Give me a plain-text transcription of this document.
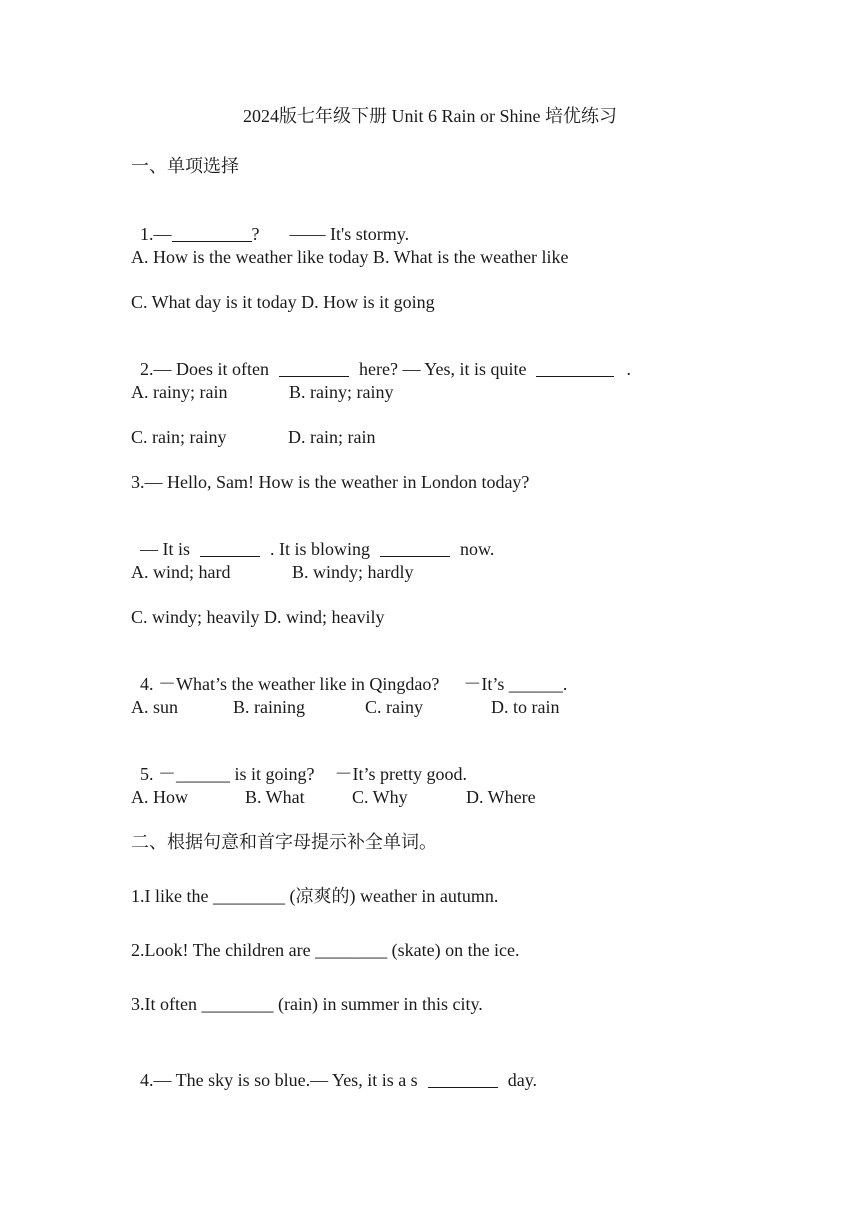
2024版七年级下册 Unit 6 Rain or Shine 培优练习
一、单项选择

1.—	? —— It's stormy.

A. How is the weather like today B. What is the weather like
C. What day is it today D. How is it going

2.— Does it often	here? — Yes, it is quite	.

A. rainy; rain	B. rainy; rainy
C. rain; rainy	D. rain; rain
3.— Hello, Sam! How is the weather in London today?

— It is	. It is blowing	now.

A. wind; hard	B. windy; hardly
C. windy; heavily D. wind; heavily

4. －What’s the weather like in Qingdao? －It’s ______.

A. sun	B. raining	C. rainy	D. to rain

5. －______ is it going? －It’s pretty good.

A. How	B. What	C. Why	D. Where
二、根据句意和首字母提示补全单词。
1.I like the ________ (凉爽的) weather in autumn.
2.Look! The children are ________ (skate) on the ice.
3.It often ________ (rain) in summer in this city.

4.— The sky is so blue.— Yes, it is a s	day.
